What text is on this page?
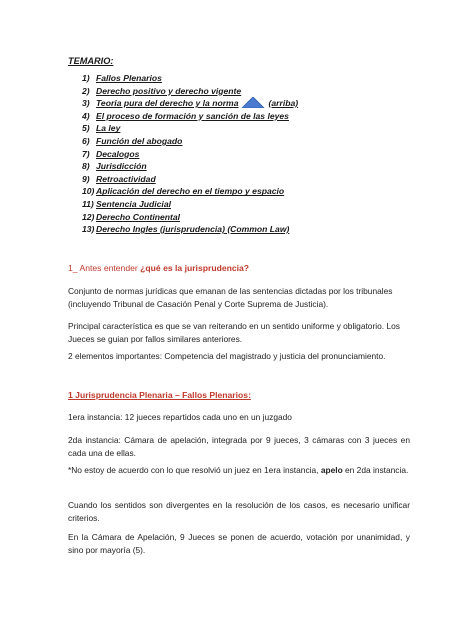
TEMARIO:
1) Fallos Plenarios
2) Derecho positivo y derecho vigente
3) Teoria pura del derecho y la norma	(arriba)
4) El proceso de formación y sanción de las leyes
5) La ley
6) Función del abogado
7) Decalogos
8) Jurisdicción
9) Retroactividad
10) Aplicación del derecho en el tiempo y espacio
11) Sentencia Judicial
12) Derecho Continental
13) Derecho Ingles (jurisprudencia) (Common Law)
1_ Antes entender ¿qué es la jurisprudencia?
Conjunto de normas jurídicas que emanan de las sentencias dictadas por los tribunales (incluyendo Tribunal de Casación Penal y Corte Suprema de Justicia).
Principal característica es que se van reiterando en un sentido uniforme y obligatorio. Los Jueces se guian por fallos similares anteriores.
2 elementos importantes: Competencia del magistrado y justicia del pronunciamiento.
1 Jurisprudencia Plenaria – Fallos Plenarios:
1era instancia: 12 jueces repartidos cada uno en un juzgado
2da instancia: Cámara de apelación, integrada por 9 jueces, 3 cámaras con 3 jueces en cada una de ellas.
*No estoy de acuerdo con lo que resolvió un juez en 1era instancia, apelo en 2da instancia.
Cuando los sentidos son divergentes en la resolución de los casos, es necesario unificar criterios.
En la Cámara de Apelación, 9 Jueces se ponen de acuerdo, votación por unanimidad, y sino por mayoría (5).
